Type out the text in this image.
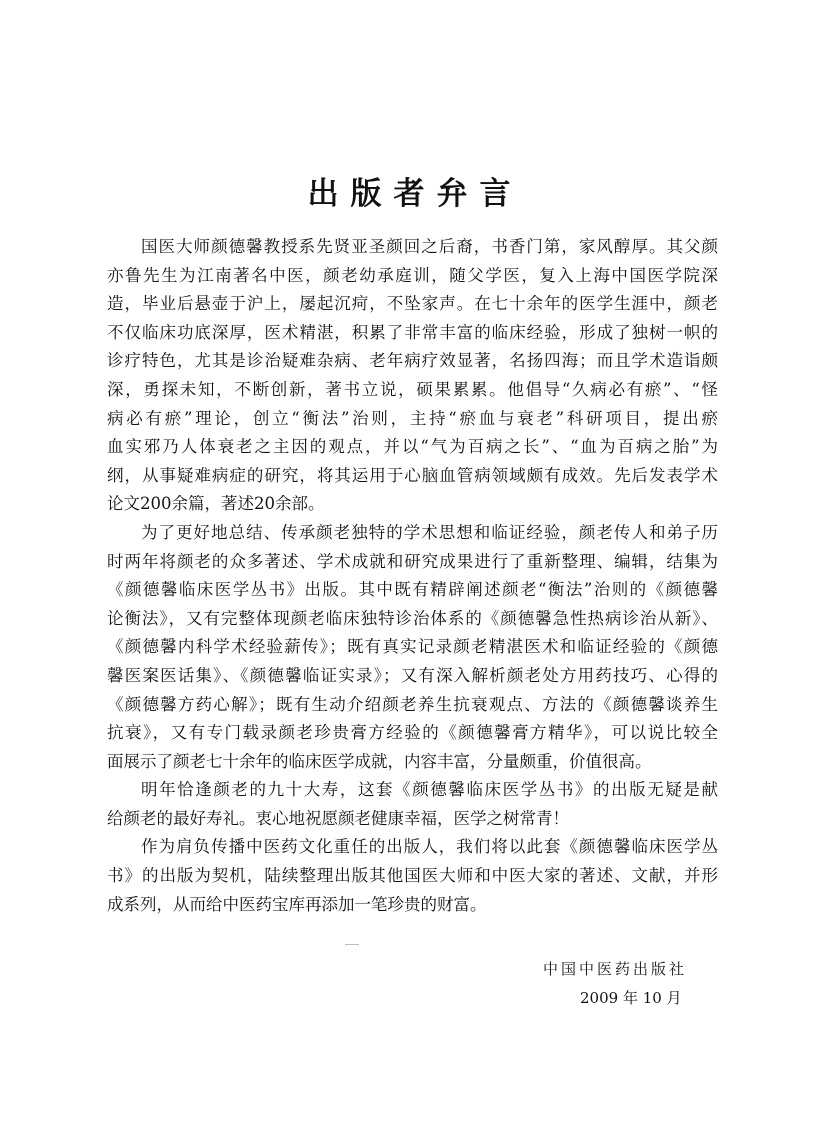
出版者弁言
国医大师颜德馨教授系先贤亚圣颜回之后裔，书香门第，家风醇厚。其父颜
亦鲁先生为江南著名中医，颜老幼承庭训，随父学医，复入上海中国医学院深
造，毕业后悬壶于沪上，屡起沉疴，不坠家声。在七十余年的医学生涯中，颜老
不仅临床功底深厚，医术精湛，积累了非常丰富的临床经验，形成了独树一帜的
诊疗特色，尤其是诊治疑难杂病、老年病疗效显著，名扬四海；而且学术造诣颇
深，勇探未知，不断创新，著书立说，硕果累累。他倡导“久病必有瘀”、“怪
病必有瘀”理论，创立“衡法”治则，主持“瘀血与衰老”科研项目，提出瘀
血实邪乃人体衰老之主因的观点，并以“气为百病之长”、“血为百病之胎”为
纲，从事疑难病症的研究，将其运用于心脑血管病领域颇有成效。先后发表学术
论文200余篇，著述20余部。
为了更好地总结、传承颜老独特的学术思想和临证经验，颜老传人和弟子历
时两年将颜老的众多著述、学术成就和研究成果进行了重新整理、编辑，结集为
《颜德馨临床医学丛书》出版。其中既有精辟阐述颜老“衡法”治则的《颜德馨
论衡法》，又有完整体现颜老临床独特诊治体系的《颜德馨急性热病诊治从新》、
《颜德馨内科学术经验薪传》；既有真实记录颜老精湛医术和临证经验的《颜德
馨医案医话集》、《颜德馨临证实录》；又有深入解析颜老处方用药技巧、心得的
《颜德馨方药心解》；既有生动介绍颜老养生抗衰观点、方法的《颜德馨谈养生
抗衰》，又有专门载录颜老珍贵膏方经验的《颜德馨膏方精华》，可以说比较全
面展示了颜老七十余年的临床医学成就，内容丰富，分量颇重，价值很高。
明年恰逢颜老的九十大寿，这套《颜德馨临床医学丛书》的出版无疑是献
给颜老的最好寿礼。衷心地祝愿颜老健康幸福，医学之树常青！
作为肩负传播中医药文化重任的出版人，我们将以此套《颜德馨临床医学丛
书》的出版为契机，陆续整理出版其他国医大师和中医大家的著述、文献，并形
成系列，从而给中医药宝库再添加一笔珍贵的财富。
中国中医药出版社
2009 年 10 月
